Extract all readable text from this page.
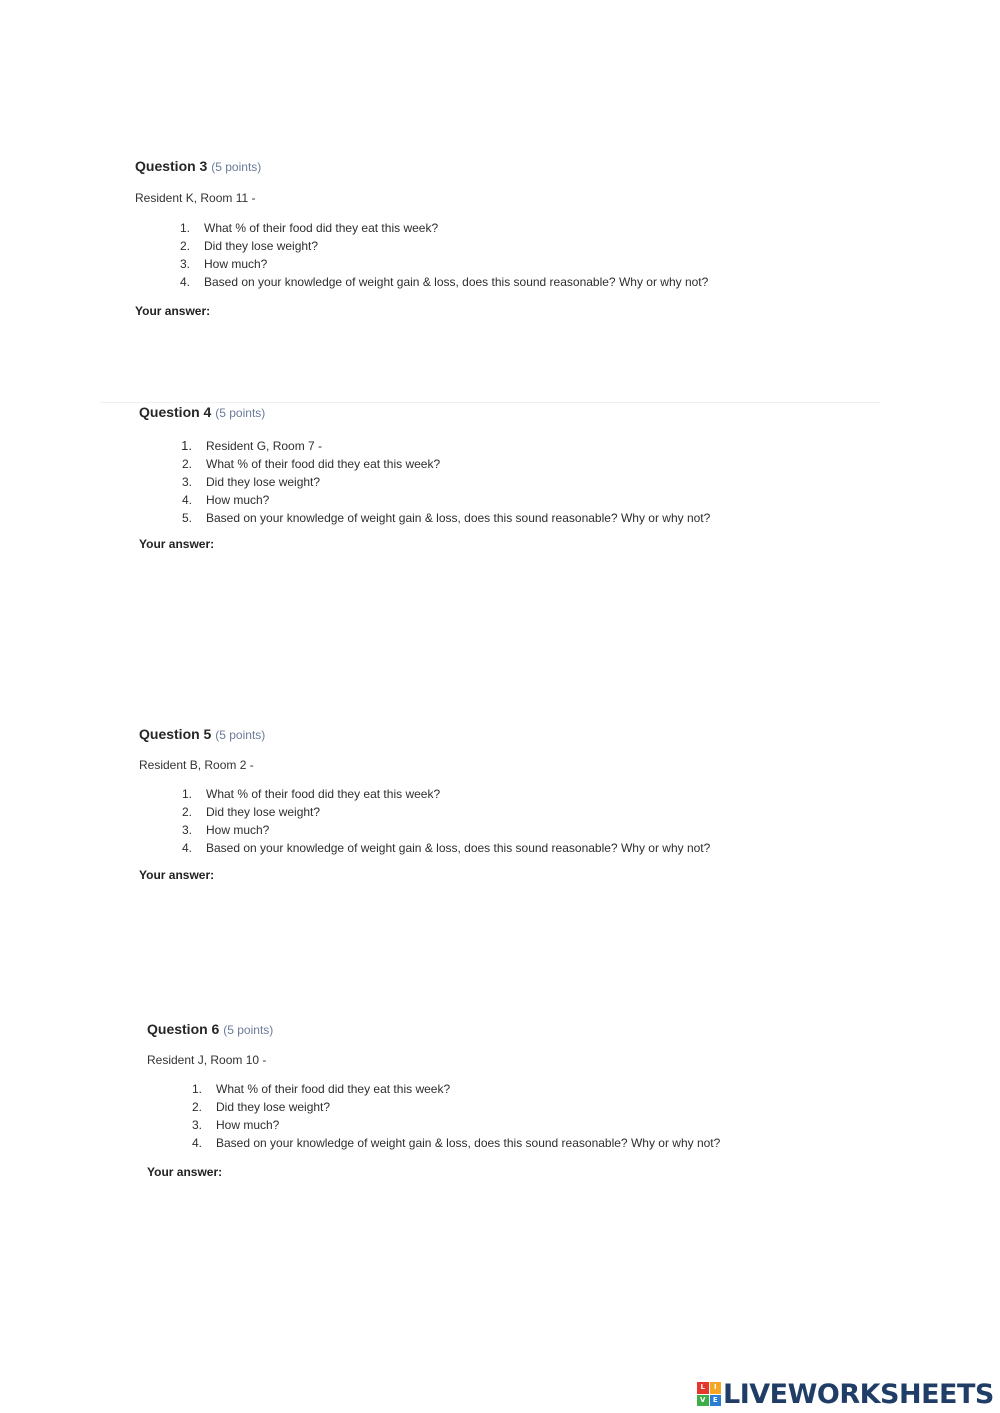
Question 3 (5 points)
Resident K, Room 11 -
1. What % of their food did they eat this week?
2. Did they lose weight?
3. How much?
4. Based on your knowledge of weight gain & loss, does this sound reasonable? Why or why not?
Your answer:
Question 4 (5 points)
1. Resident G, Room 7 -
2. What % of their food did they eat this week?
3. Did they lose weight?
4. How much?
5. Based on your knowledge of weight gain & loss, does this sound reasonable? Why or why not?
Your answer:
Question 5 (5 points)
Resident B, Room 2 -
1. What % of their food did they eat this week?
2. Did they lose weight?
3. How much?
4. Based on your knowledge of weight gain & loss, does this sound reasonable? Why or why not?
Your answer:
Question 6 (5 points)
Resident J, Room 10 -
1. What % of their food did they eat this week?
2. Did they lose weight?
3. How much?
4. Based on your knowledge of weight gain & loss, does this sound reasonable? Why or why not?
Your answer:
L	I
V	E LIVEWORKSHEETS
